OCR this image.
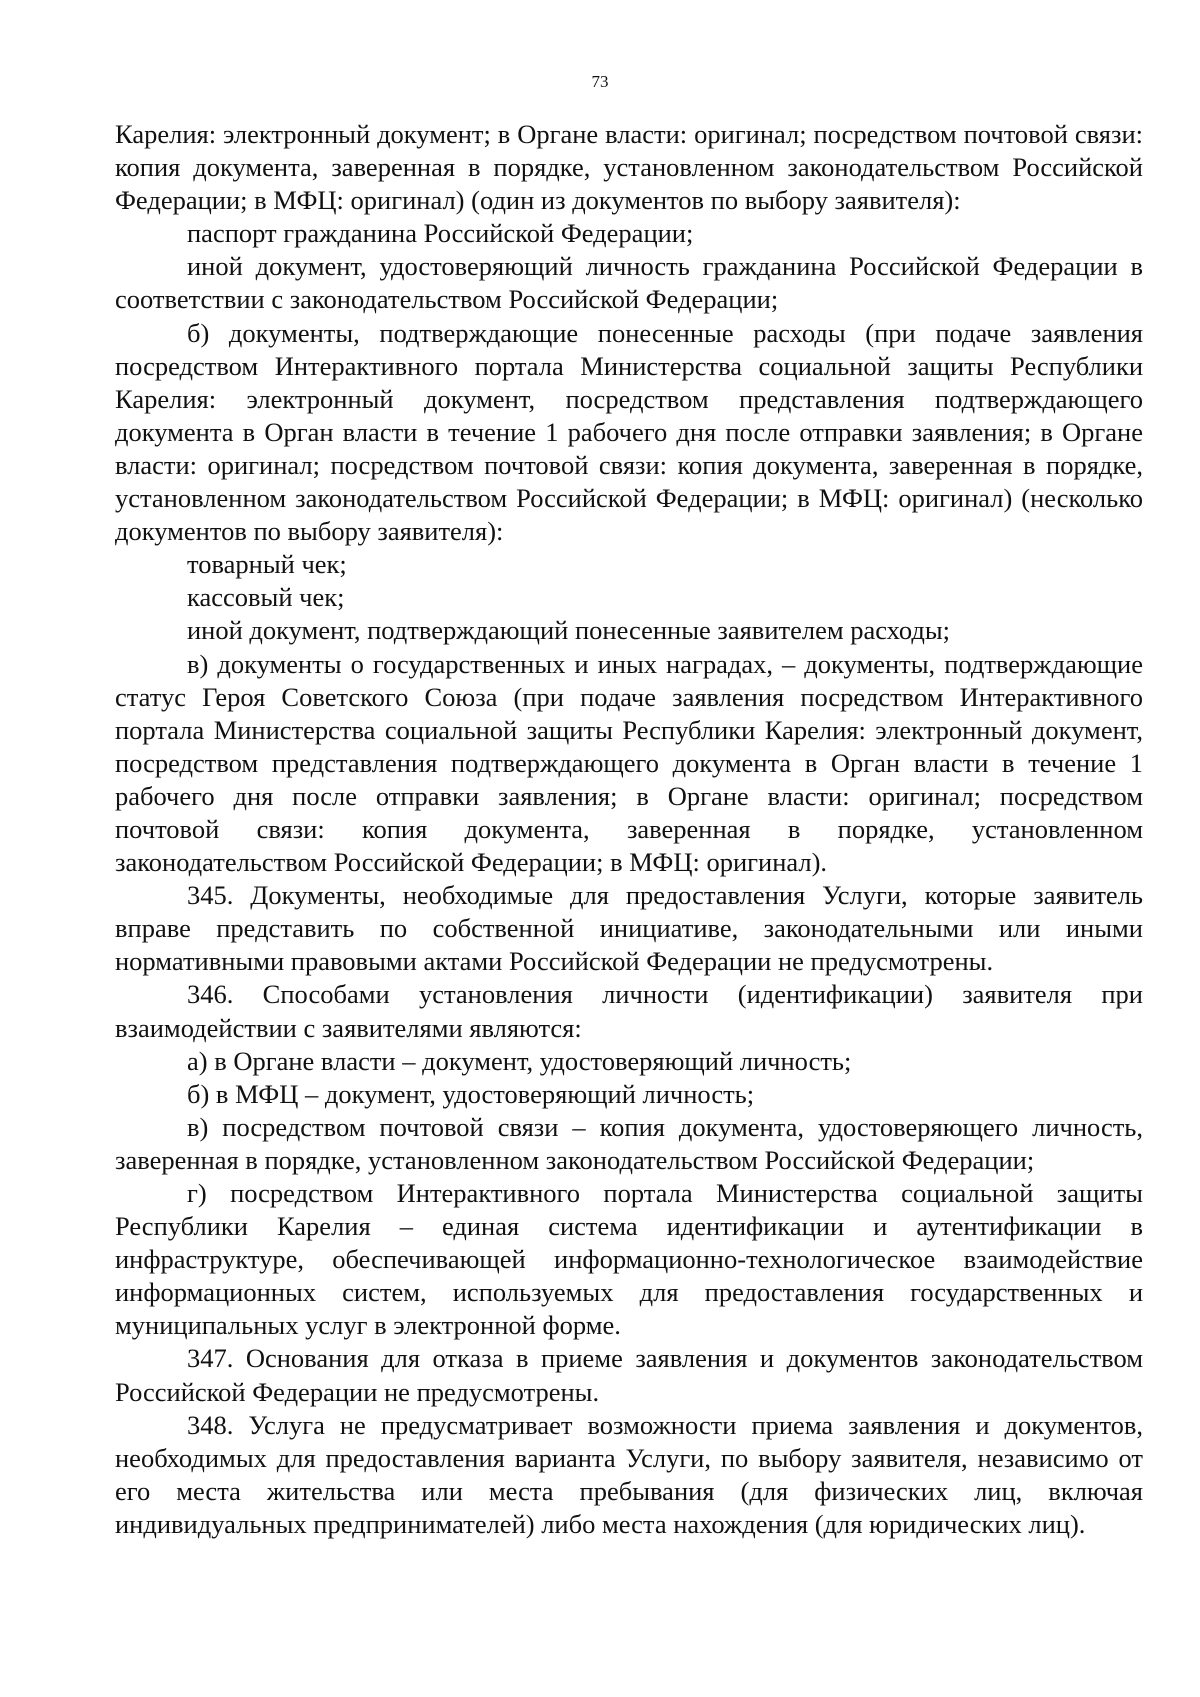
73

Карелия: электронный документ; в Органе власти: оригинал; посредством почтовой связи: копия документа, заверенная в порядке, установленном законодательством Российской Федерации; в МФЦ: оригинал) (один из документов по выбору заявителя):

паспорт гражданина Российской Федерации;

иной документ, удостоверяющий личность гражданина Российской Федерации в соответствии с законодательством Российской Федерации;

б) документы, подтверждающие понесенные расходы (при подаче заявления посредством Интерактивного портала Министерства социальной защиты Республики Карелия: электронный документ, посредством представления подтверждающего документа в Орган власти в течение 1 рабочего дня после отправки заявления; в Органе власти: оригинал; посредством почтовой связи: копия документа, заверенная в порядке, установленном законодательством Российской Федерации; в МФЦ: оригинал) (несколько документов по выбору заявителя):

товарный чек;

кассовый чек;

иной документ, подтверждающий понесенные заявителем расходы;

в) документы о государственных и иных наградах, – документы, подтверждающие статус Героя Советского Союза (при подаче заявления посредством Интерактивного портала Министерства социальной защиты Республики Карелия: электронный документ, посредством представления подтверждающего документа в Орган власти в течение 1 рабочего дня после отправки заявления; в Органе власти: оригинал; посредством почтовой связи: копия документа, заверенная в порядке, установленном законодательством Российской Федерации; в МФЦ: оригинал).

345. Документы, необходимые для предоставления Услуги, которые заявитель вправе представить по собственной инициативе, законодательными или иными нормативными правовыми актами Российской Федерации не предусмотрены.

346. Способами установления личности (идентификации) заявителя при взаимодействии с заявителями являются:

а) в Органе власти – документ, удостоверяющий личность;

б) в МФЦ – документ, удостоверяющий личность;

в) посредством почтовой связи – копия документа, удостоверяющего личность, заверенная в порядке, установленном законодательством Российской Федерации;

г) посредством Интерактивного портала Министерства социальной защиты Республики Карелия – единая система идентификации и аутентификации в инфраструктуре, обеспечивающей информационно-технологическое взаимодействие информационных систем, используемых для предоставления государственных и муниципальных услуг в электронной форме.

347. Основания для отказа в приеме заявления и документов законодательством Российской Федерации не предусмотрены.

348. Услуга не предусматривает возможности приема заявления и документов, необходимых для предоставления варианта Услуги, по выбору заявителя, независимо от его места жительства или места пребывания (для физических лиц, включая индивидуальных предпринимателей) либо места нахождения (для юридических лиц).
